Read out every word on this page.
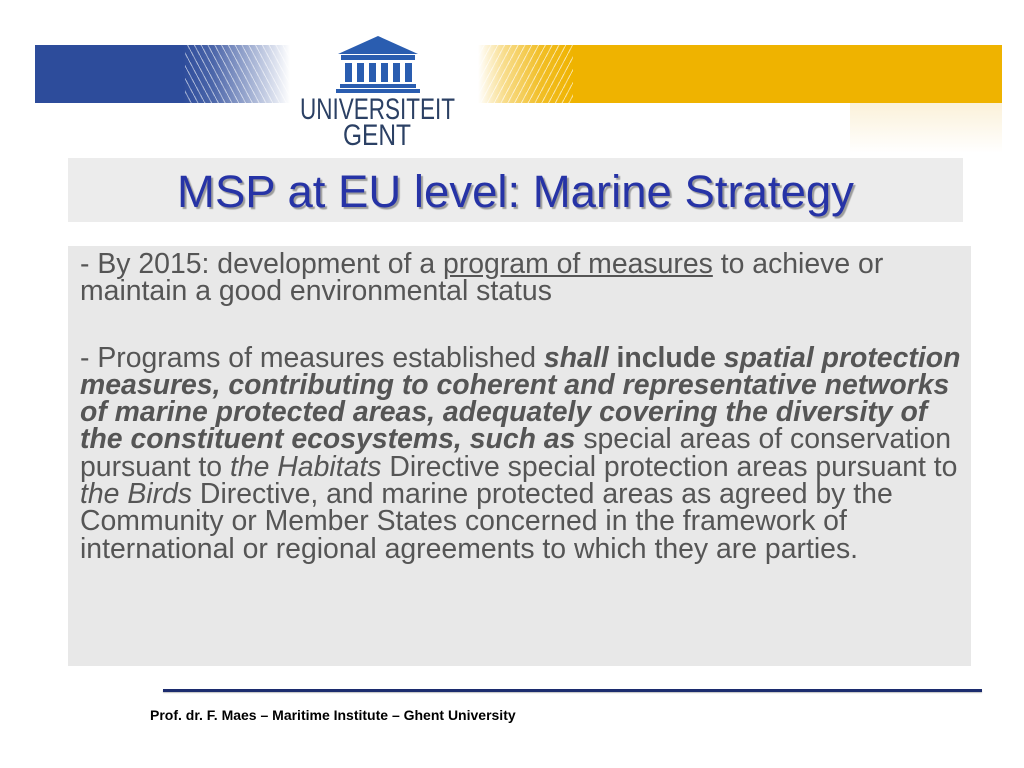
UNIVERSITEIT
GENT
MSP at EU level: Marine Strategy

- By 2015: development of a program of measures to achieve or maintain a good environmental status

- Programs of measures established shall include spatial protection measures, contributing to coherent and representative networks of marine protected areas, adequately covering the diversity of the constituent ecosystems, such as special areas of conservation pursuant to the Habitats Directive special protection areas pursuant to the Birds Directive, and marine protected areas as agreed by the Community or Member States concerned in the framework of international or regional agreements to which they are parties.

Prof. dr. F. Maes – Maritime Institute – Ghent University
